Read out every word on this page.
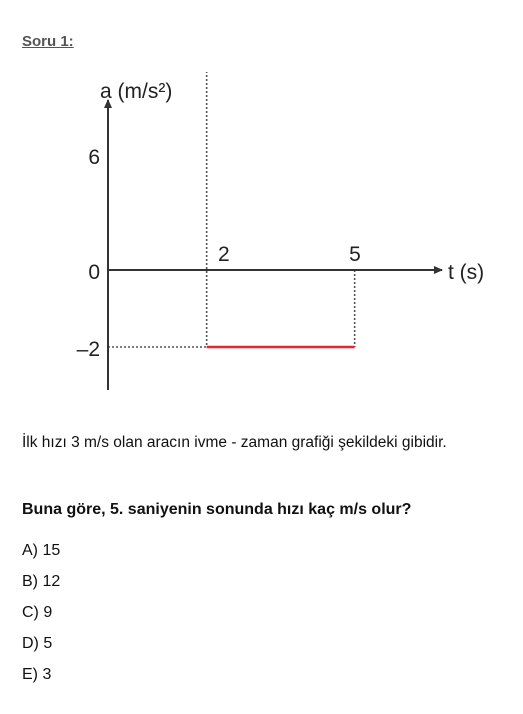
Soru 1:
6
0
–2
2	5
a (m/s²)
t (s)

İlk hızı 3 m/s olan aracın ivme - zaman grafiği şekildeki gibidir.

Buna göre, 5. saniyenin sonunda hızı kaç m/s olur?

A) 15
B) 12
C) 9
D) 5
E) 3
